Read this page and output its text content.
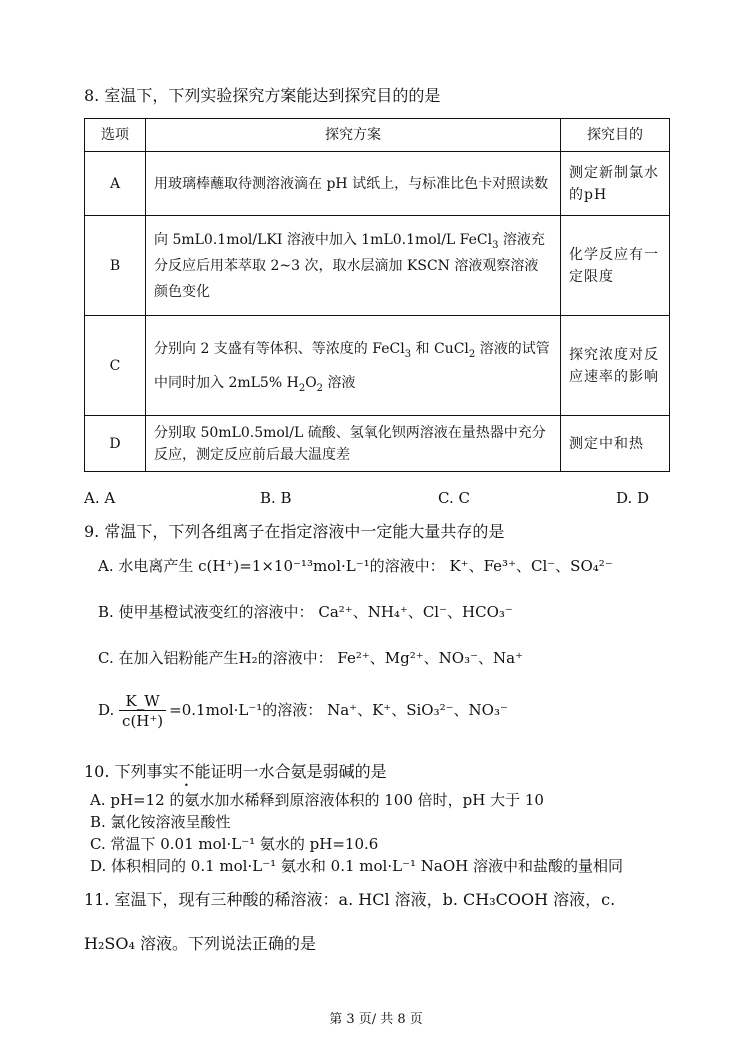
8. 室温下，下列实验探究方案能达到探究目的的是
选项	探究方案	探究目的
A	用玻璃棒蘸取待测溶液滴在 pH 试纸上，与标准比色卡对照读数	测定新制氯水的pH
B	向 5mL0.1mol/LKI 溶液中加入 1mL0.1mol/L FeCl$_3$ 溶液充分反应后用苯萃取 2~3 次，取水层滴加 KSCN 溶液观察溶液颜色变化	化学反应有一定限度
C	分别向 2 支盛有等体积、等浓度的 FeCl$_3$ 和 CuCl$_2$ 溶液的试管中同时加入 2mL5% $H_2O_2$ 溶液	探究浓度对反应速率的影响
D	分别取 50mL0.5mol/L 硫酸、氢氧化钡两溶液在量热器中充分反应，测定反应前后最大温度差	测定中和热
A. A	B. B	C. C	D. D
9. 常温下，下列各组离子在指定溶液中一定能大量共存的是
A. 水电离产生 c(H⁺)=1×10⁻¹³mol·L⁻¹的溶液中： K⁺、Fe³⁺、Cl⁻、SO₄²⁻
B. 使甲基橙试液变红的溶液中： Ca²⁺、NH₄⁺、Cl⁻、HCO₃⁻
C. 在加入铝粉能产生H₂的溶液中： Fe²⁺、Mg²⁺、NO₃⁻、Na⁺
D. $\frac{K\_W}{c(H^+)} =0.1mol\cdot L^{-1}$的溶液： Na⁺、K⁺、SiO₃²⁻、NO₃⁻
10. 下列事实不能证明一水合氨是弱碱的是
A. pH=12 的氨水加水稀释到原溶液体积的 100 倍时，pH 大于 10
B. 氯化铵溶液呈酸性
C. 常温下 0.01 mol·L⁻¹ 氨水的 pH=10.6
D. 体积相同的 0.1 mol·L⁻¹ 氨水和 0.1 mol·L⁻¹ NaOH 溶液中和盐酸的量相同
11. 室温下，现有三种酸的稀溶液：a. HCl 溶液，b. CH₃COOH 溶液，c.
H₂SO₄ 溶液。下列说法正确的是
第 3 页/ 共 8 页
